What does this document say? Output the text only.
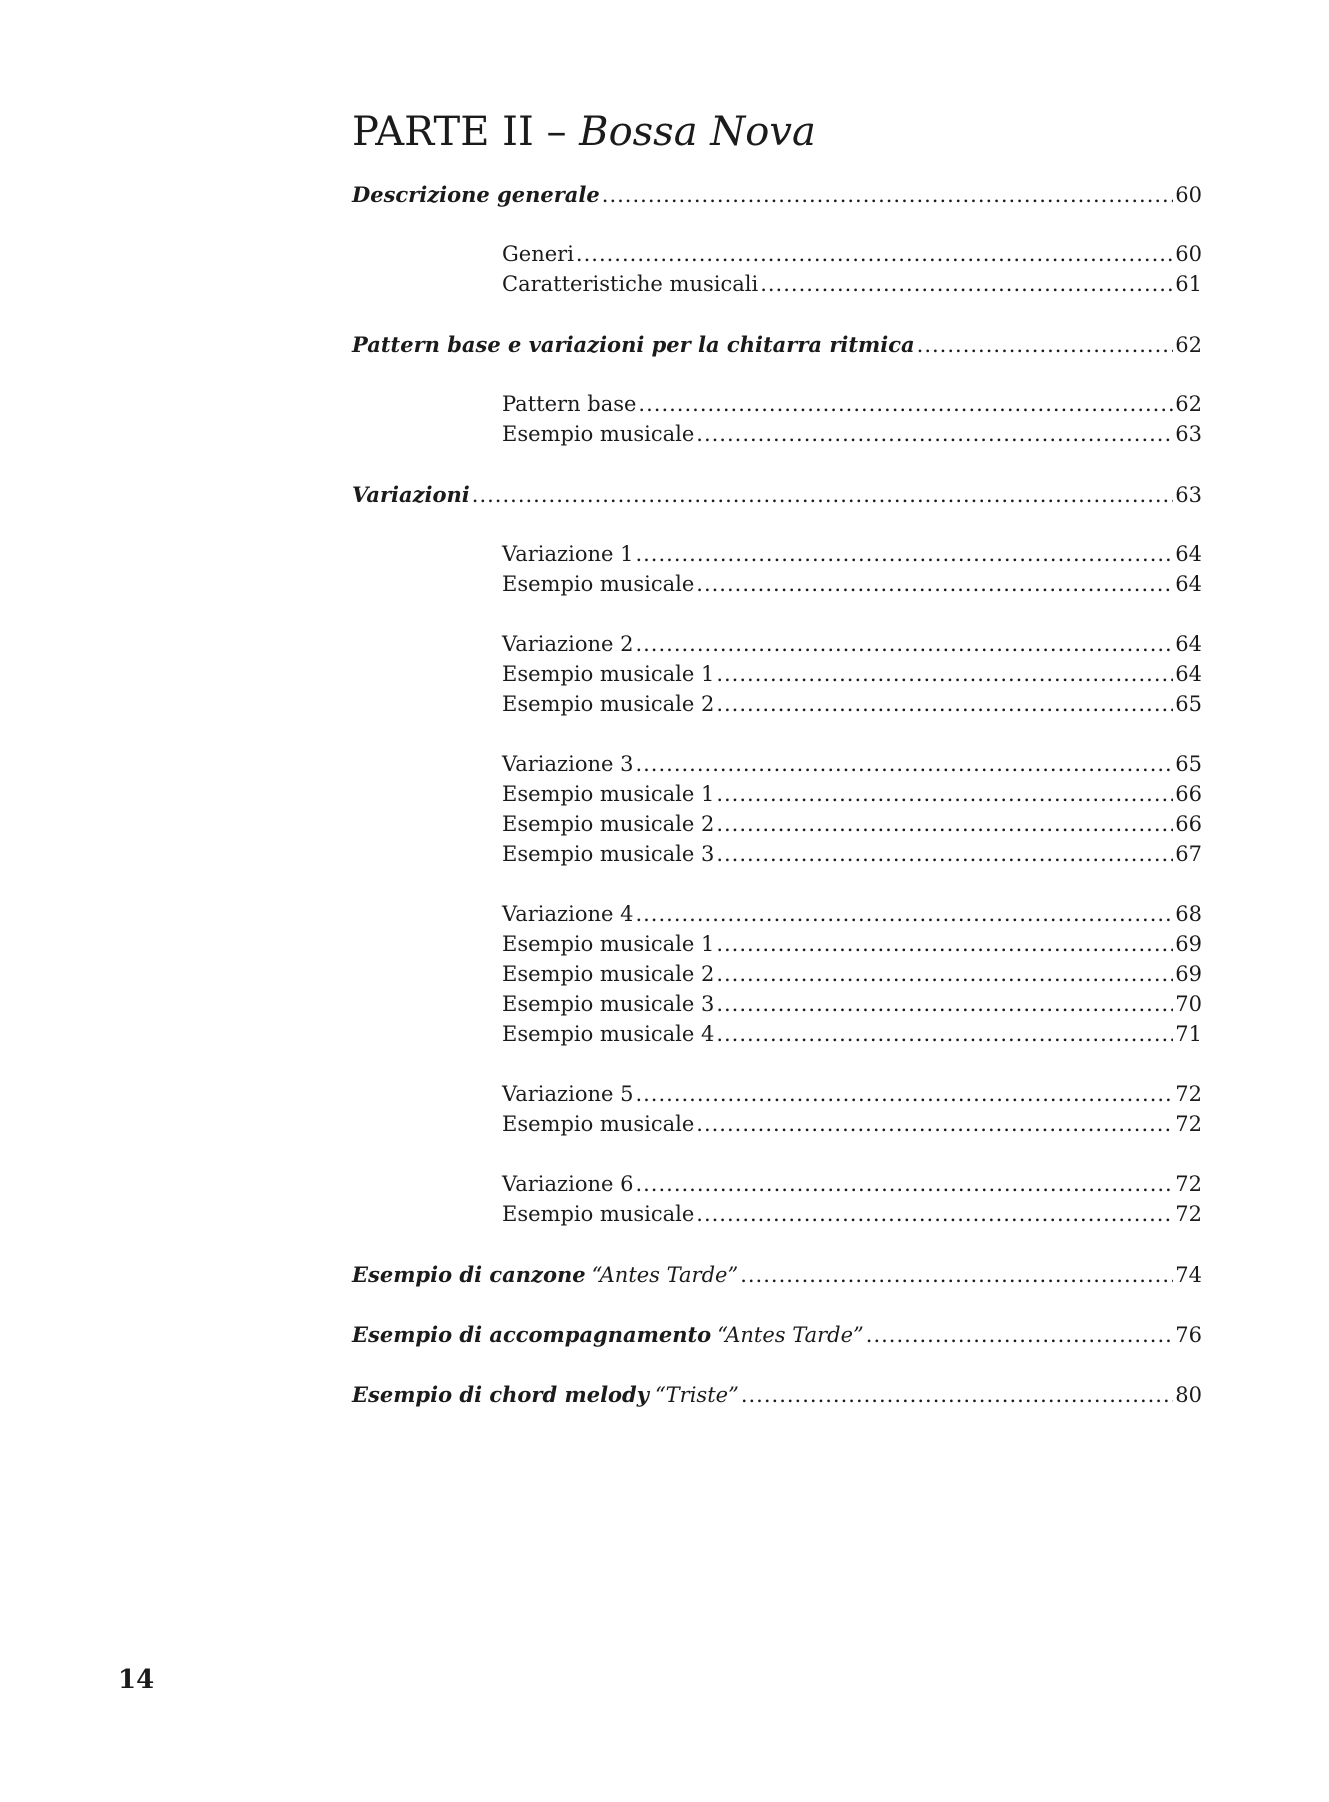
PARTE II – Bossa Nova
Descrizione generale .....	60
Generi .....	60
Caratteristiche musicali .....	61
Pattern base e variazioni per la chitarra ritmica .....	62
Pattern base .....	62
Esempio musicale .....	63
Variazioni .....	63
Variazione 1 .....	64
Esempio musicale .....	64
Variazione 2 .....	64
Esempio musicale 1 .....	64
Esempio musicale 2 .....	65
Variazione 3 .....	65
Esempio musicale 1 .....	66
Esempio musicale 2 .....	66
Esempio musicale 3 .....	67
Variazione 4 .....	68
Esempio musicale 1 .....	69
Esempio musicale 2 .....	69
Esempio musicale 3 .....	70
Esempio musicale 4 .....	71
Variazione 5 .....	72
Esempio musicale .....	72
Variazione 6 .....	72
Esempio musicale .....	72
Esempio di canzone “Antes Tarde” .....	74
Esempio di accompagnamento “Antes Tarde” .....	76
Esempio di chord melody “Triste” .....	80
14
